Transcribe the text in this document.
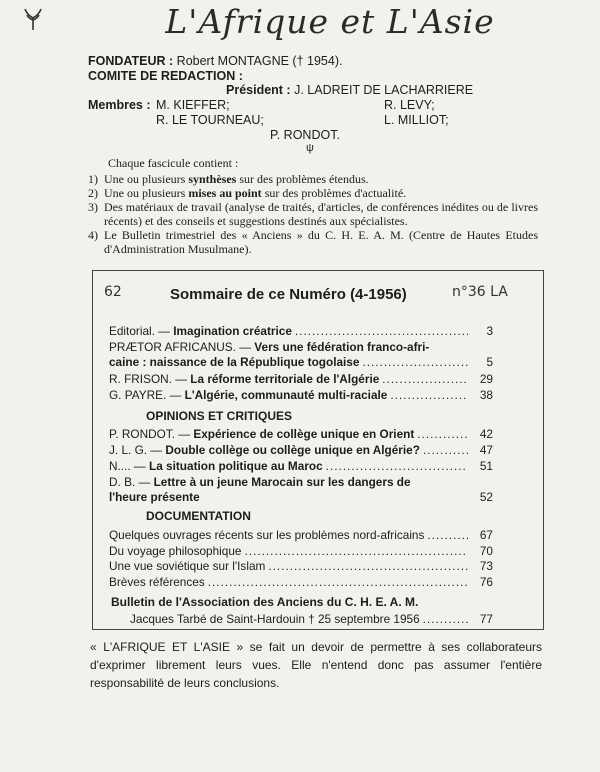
L'Afrique et L'Asie
FONDATEUR : Robert MONTAGNE († 1954).
COMITE DE REDACTION :
Président : J. LADREIT DE LACHARRIERE
Membres : M. KIEFFER;	R. LEVY;
R. LE TOURNEAU;	L. MILLIOT;
P. RONDOT.
ψ
Chaque fascicule contient :
1) Une ou plusieurs synthèses sur des problèmes étendus.
2) Une ou plusieurs mises au point sur des problèmes d'actualité.
3) Des matériaux de travail (analyse de traités, d'articles, de conférences inédites ou de livres récents) et des conseils et suggestions destinés aux spécialistes.
4) Le Bulletin trimestriel des « Anciens » du C. H. E. A. M. (Centre de Hautes Etudes d'Administration Musulmane).
62	Sommaire de ce Numéro (4-1956)	n°36 LA
Editorial. — Imagination créatrice .....	3
PRÆTOR AFRICANUS. — Vers une fédération franco-afri-
caine : naissance de la République togolaise .....	5
R. FRISON. — La réforme territoriale de l'Algérie .....	29
G. PAYRE. — L'Algérie, communauté multi-raciale .....	38
OPINIONS ET CRITIQUES
P. RONDOT. — Expérience de collège unique en Orient .....	42
J. L. G. — Double collège ou collège unique en Algérie? .....	47
N.... — La situation politique au Maroc .....	51
D. B. — Lettre à un jeune Marocain sur les dangers de
l'heure présente	52
DOCUMENTATION
Quelques ouvrages récents sur les problèmes nord-africains .....	67
Du voyage philosophique .....	70
Une vue soviétique sur l'Islam .....	73
Brèves références .....	76
Bulletin de l'Association des Anciens du C. H. E. A. M.
Jacques Tarbé de Saint-Hardouin † 25 septembre 1956 .....	77
« L'AFRIQUE ET L'ASIE » se fait un devoir de permettre à ses collaborateurs d'exprimer librement leurs vues. Elle n'entend donc pas assumer l'entière responsabilité de leurs conclusions.
